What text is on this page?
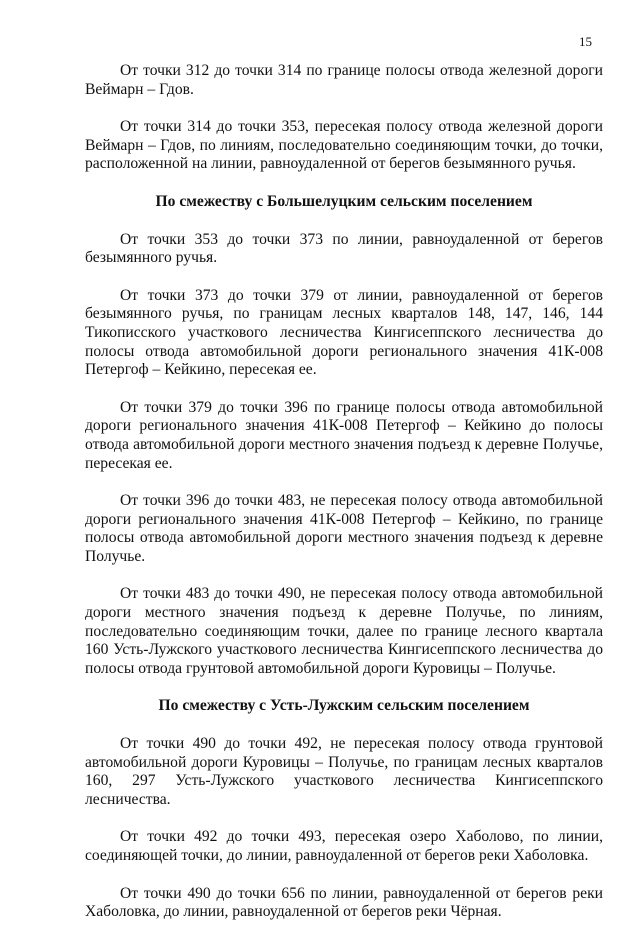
15

От точки 312 до точки 314 по границе полосы отвода железной дороги Веймарн – Гдов.

От точки 314 до точки 353, пересекая полосу отвода железной дороги Веймарн – Гдов, по линиям, последовательно соединяющим точки, до точки, расположенной на линии, равноудаленной от берегов безымянного ручья.

По смежеству с Большелуцким сельским поселением

От точки 353 до точки 373 по линии, равноудаленной от берегов безымянного ручья.

От точки 373 до точки 379 от линии, равноудаленной от берегов безымянного ручья, по границам лесных кварталов 148, 147, 146, 144 Тикописского участкового лесничества Кингисеппского лесничества до полосы отвода автомобильной дороги регионального значения 41К-008 Петергоф – Кейкино, пересекая ее.

От точки 379 до точки 396 по границе полосы отвода автомобильной дороги регионального значения 41К-008 Петергоф – Кейкино до полосы отвода автомобильной дороги местного значения подъезд к деревне Получье, пересекая ее.

От точки 396 до точки 483, не пересекая полосу отвода автомобильной дороги регионального значения 41К-008 Петергоф – Кейкино, по границе полосы отвода автомобильной дороги местного значения подъезд к деревне Получье.

От точки 483 до точки 490, не пересекая полосу отвода автомобильной дороги местного значения подъезд к деревне Получье, по линиям, последовательно соединяющим точки, далее по границе лесного квартала 160 Усть-Лужского участкового лесничества Кингисеппского лесничества до полосы отвода грунтовой автомобильной дороги Куровицы – Получье.

По смежеству с Усть-Лужским сельским поселением

От точки 490 до точки 492, не пересекая полосу отвода грунтовой автомобильной дороги Куровицы – Получье, по границам лесных кварталов 160, 297 Усть-Лужского участкового лесничества Кингисеппского лесничества.

От точки 492 до точки 493, пересекая озеро Хаболово, по линии, соединяющей точки, до линии, равноудаленной от берегов реки Хаболовка.

От точки 490 до точки 656 по линии, равноудаленной от берегов реки Хаболовка, до линии, равноудаленной от берегов реки Чёрная.
